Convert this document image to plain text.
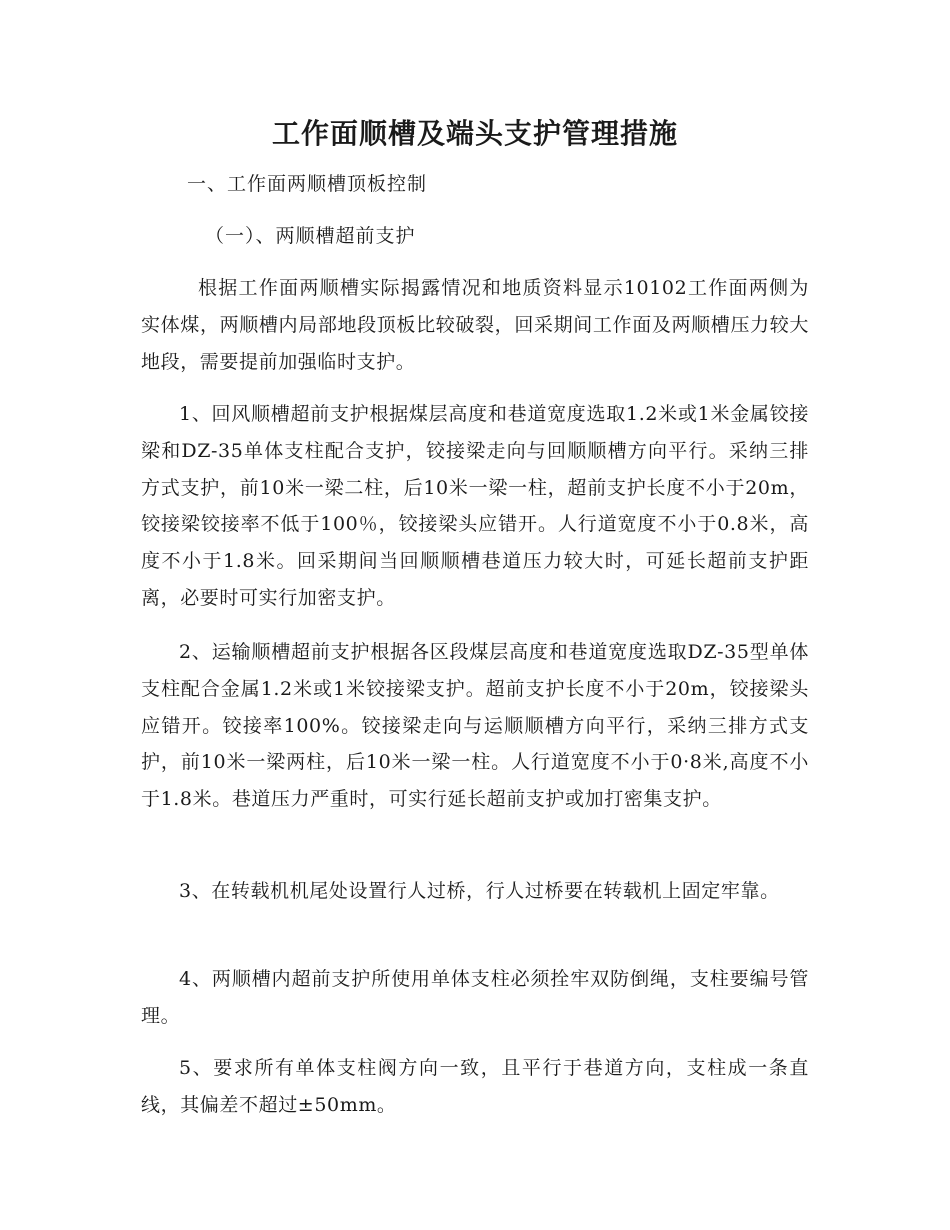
工作面顺槽及端头支护管理措施

一、工作面两顺槽顶板控制

（一）、两顺槽超前支护

根据工作面两顺槽实际揭露情况和地质资料显示10102工作面两侧为实体煤，两顺槽内局部地段顶板比较破裂，回采期间工作面及两顺槽压力较大地段，需要提前加强临时支护。

1、回风顺槽超前支护根据煤层高度和巷道宽度选取1.2米或1米金属铰接梁和DZ-35单体支柱配合支护，铰接梁走向与回顺顺槽方向平行。采纳三排方式支护，前10米一梁二柱，后10米一梁一柱，超前支护长度不小于20m，铰接梁铰接率不低于100％，铰接梁头应错开。人行道宽度不小于0.8米，高度不小于1.8米。回采期间当回顺顺槽巷道压力较大时，可延长超前支护距离，必要时可实行加密支护。

2、运输顺槽超前支护根据各区段煤层高度和巷道宽度选取DZ-35型单体支柱配合金属1.2米或1米铰接梁支护。超前支护长度不小于20m，铰接梁头应错开。铰接率100%。铰接梁走向与运顺顺槽方向平行，采纳三排方式支护，前10米一梁两柱，后10米一梁一柱。人行道宽度不小于0·8米,高度不小于1.8米。巷道压力严重时，可实行延长超前支护或加打密集支护。

3、在转载机机尾处设置行人过桥，行人过桥要在转载机上固定牢靠。

4、两顺槽内超前支护所使用单体支柱必须拴牢双防倒绳，支柱要编号管理。

5、要求所有单体支柱阀方向一致，且平行于巷道方向，支柱成一条直线，其偏差不超过±50mm。
